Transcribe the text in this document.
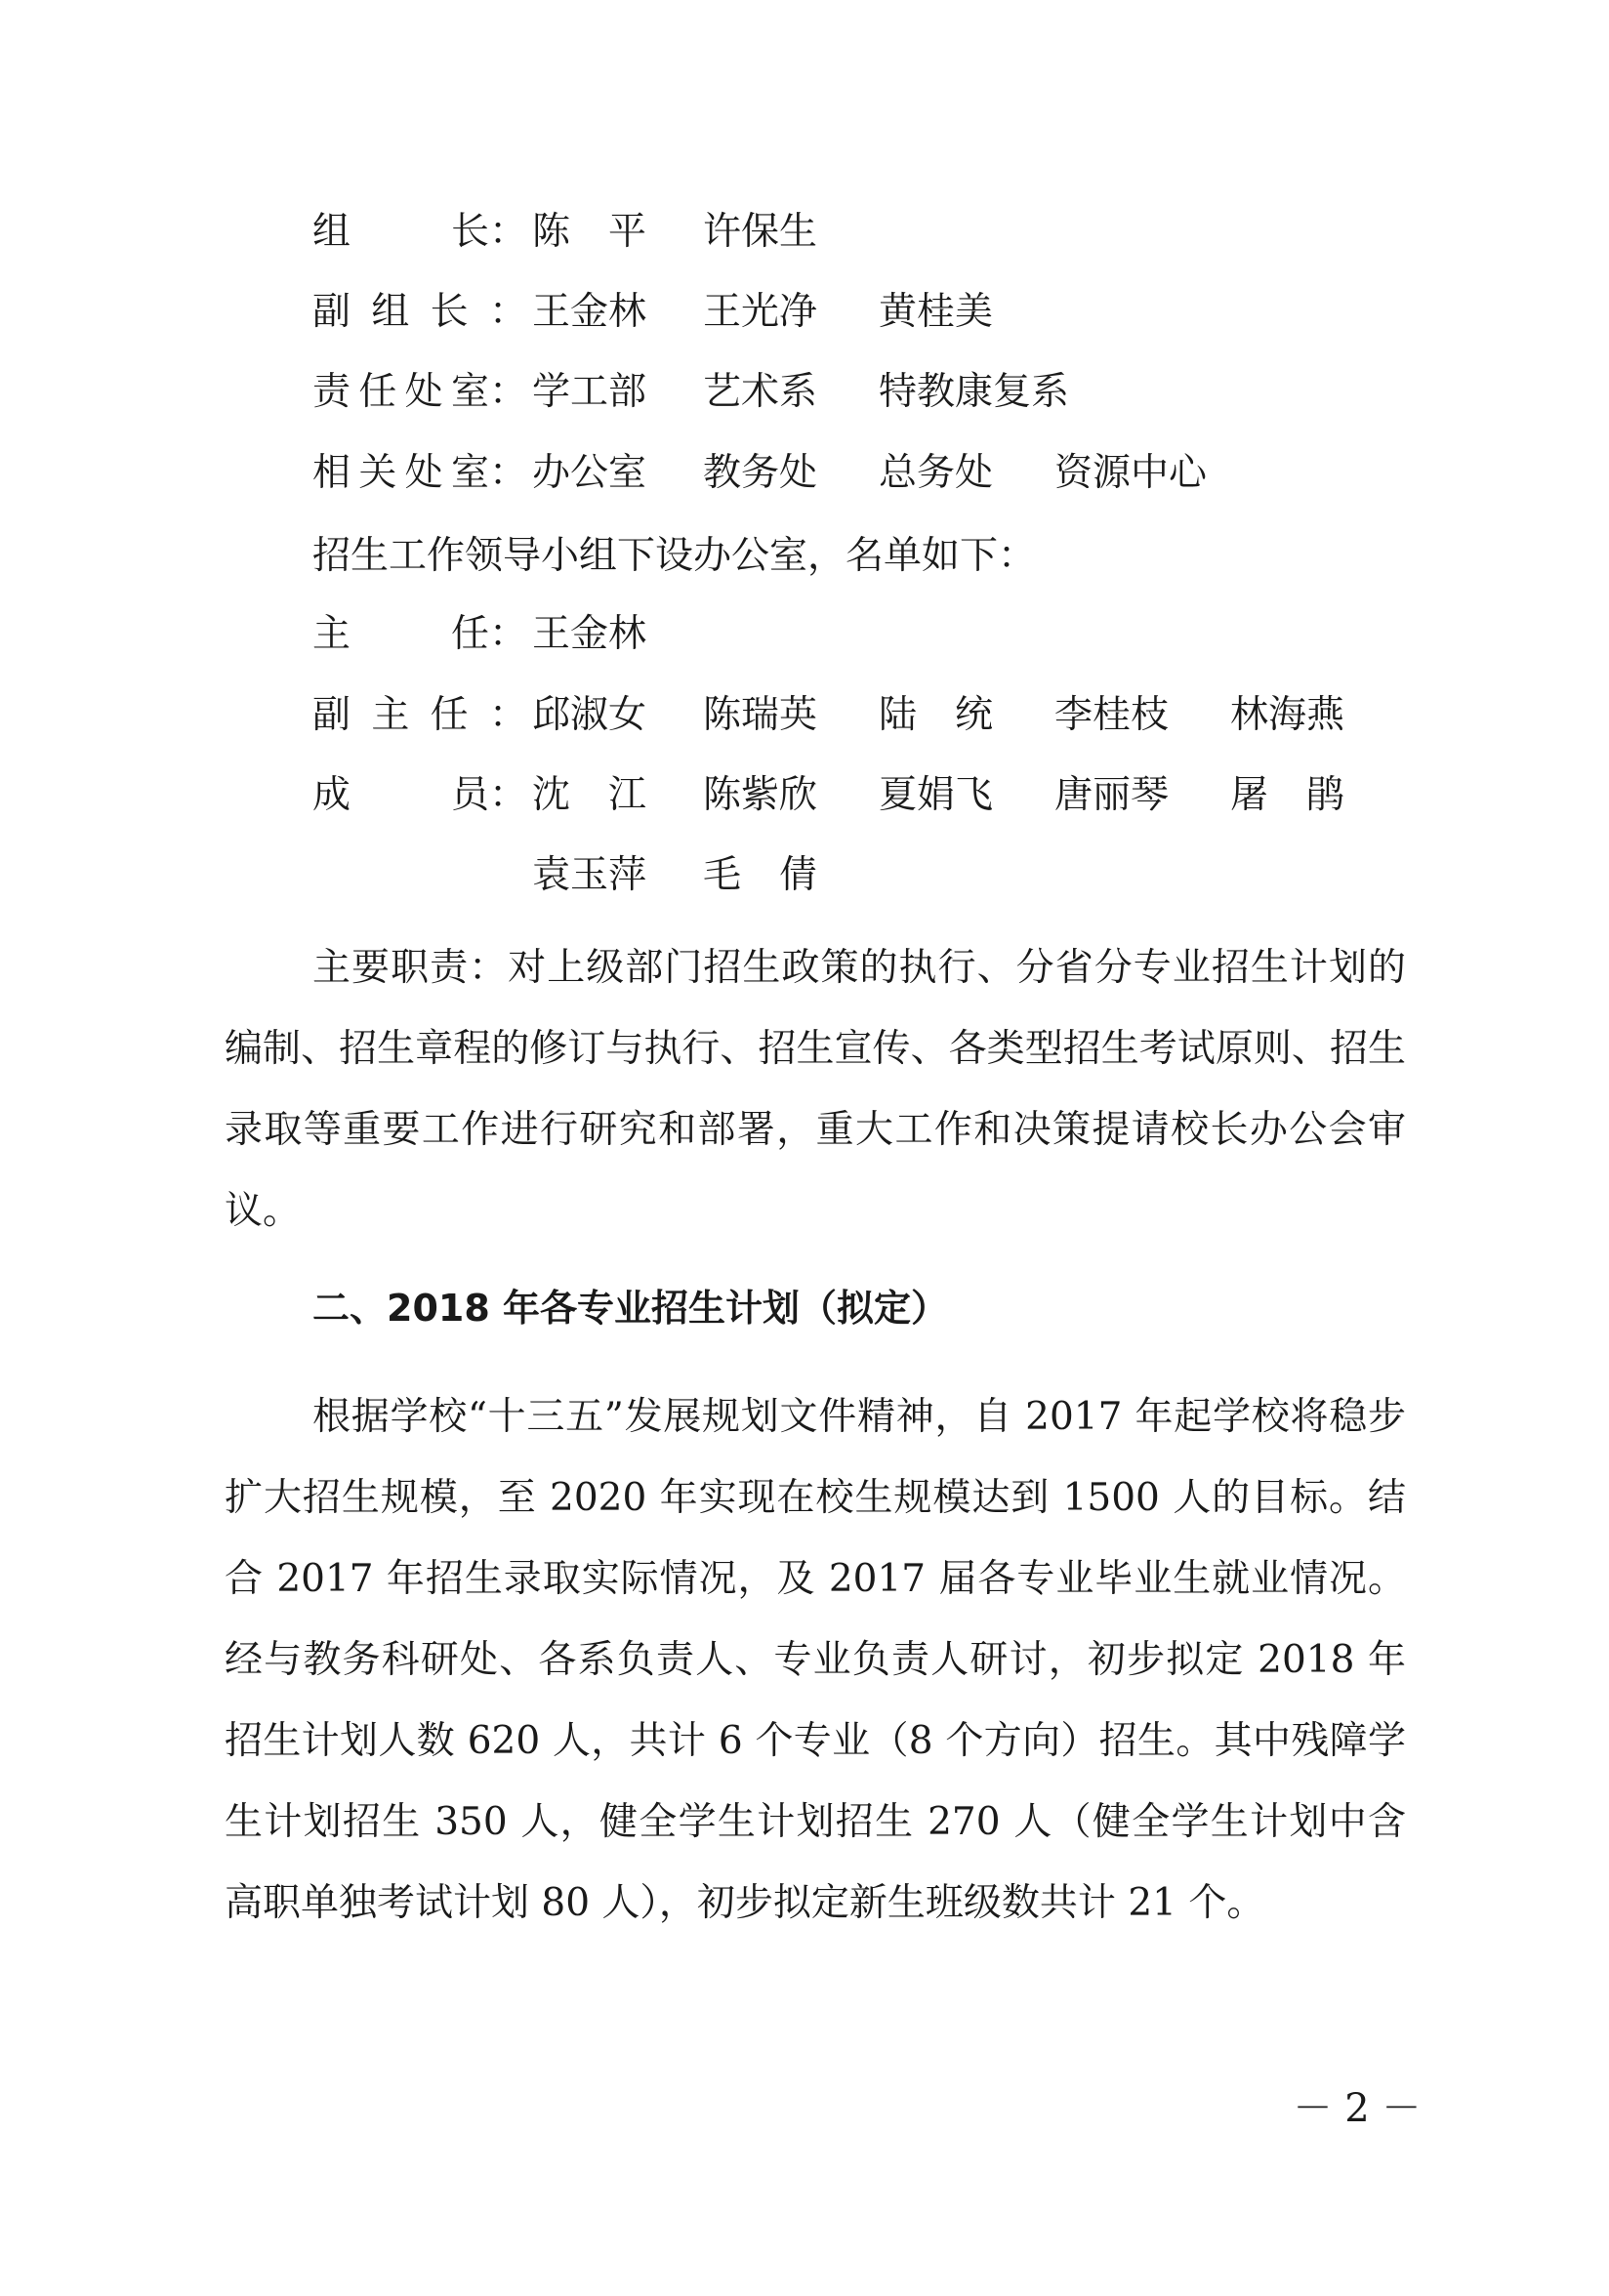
组	长： 陈　平 许保生
副 组 长 ： 王金林 王光净 黄桂美
责 任 处 室： 学工部 艺术系 特教康复系
相 关 处 室： 办公室 教务处 总务处 资源中心
招生工作领导小组下设办公室，名单如下：
主	任： 王金林
副 主 任 ： 邱淑女 陈瑞英 陆　统 李桂枝 林海燕
成	员： 沈　江 陈紫欣 夏娟飞 唐丽琴 屠　鹃
袁玉萍 毛　倩
主要职责：对上级部门招生政策的执行、分省分专业招生计划的编制、招生章程的修订与执行、招生宣传、各类型招生考试原则、招生录取等重要工作进行研究和部署，重大工作和决策提请校长办公会审议。
二、2018 年各专业招生计划（拟定）
根据学校“十三五”发展规划文件精神，自 2017 年起学校将稳步扩大招生规模，至 2020 年实现在校生规模达到 1500 人的目标。结合 2017 年招生录取实际情况，及 2017 届各专业毕业生就业情况。经与教务科研处、各系负责人、专业负责人研讨，初步拟定 2018 年招生计划人数 620 人，共计 6 个专业（8 个方向）招生。其中残障学生计划招生 350 人，健全学生计划招生 270 人（健全学生计划中含高职单独考试计划 80 人），初步拟定新生班级数共计 21 个。
－ 2 －
